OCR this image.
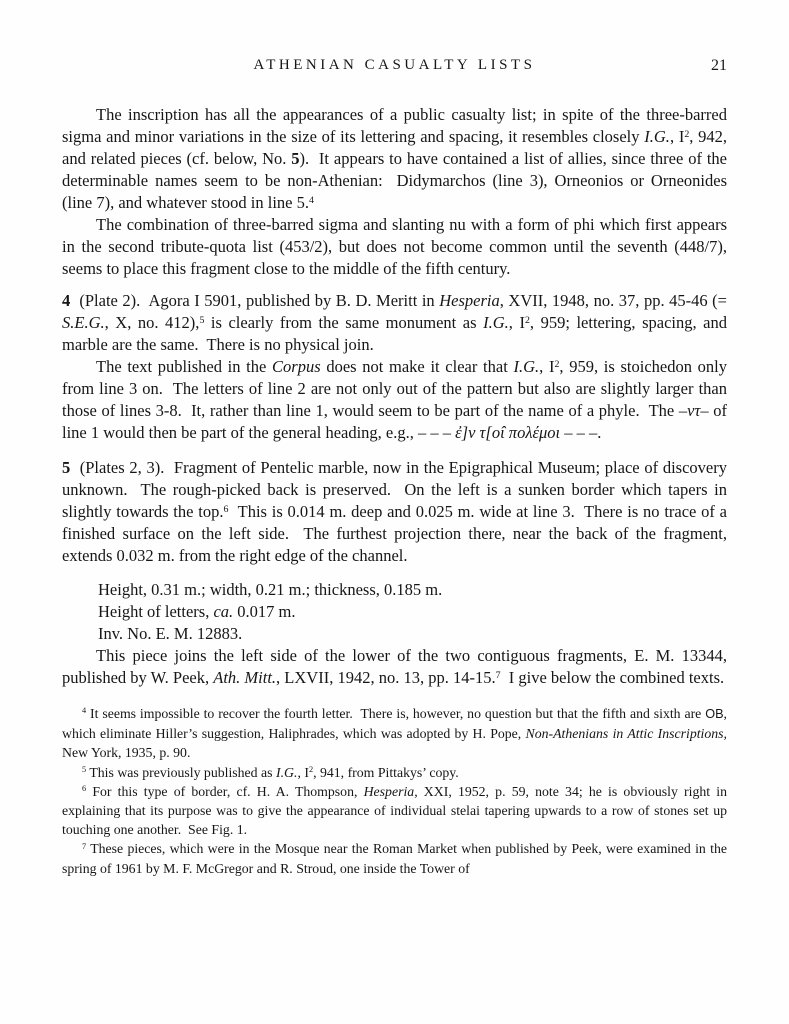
ATHENIAN CASUALTY LISTS	21

The inscription has all the appearances of a public casualty list; in spite of the three-barred sigma and minor variations in the size of its lettering and spacing, it resembles closely I.G., $I^2$, 942, and related pieces (cf. below, No. 5).  It appears to have contained a list of allies, since three of the determinable names seem to be non-Athenian:  Didymarchos (line 3), Orneonios or Orneonides (line 7), and whatever stood in line 5.$^4$

The combination of three-barred sigma and slanting nu with a form of phi which first appears in the second tribute-quota list (453/2), but does not become common until the seventh (448/7), seems to place this fragment close to the middle of the fifth century.

4  (Plate 2).  Agora I 5901, published by B. D. Meritt in Hesperia, XVII, 1948, no. 37, pp. 45-46 (= S.E.G., X, no. 412),$^5$ is clearly from the same monument as I.G., $I^2$, 959; lettering, spacing, and marble are the same.  There is no physical join.

The text published in the Corpus does not make it clear that I.G., $I^2$, 959, is stoichedon only from line 3 on.  The letters of line 2 are not only out of the pattern but also are slightly larger than those of lines 3-8.  It, rather than line 1, would seem to be part of the name of a phyle.  The –ντ– of line 1 would then be part of the general heading, e.g., – – – ἐ]ν τ[ο̂ι πολέμοι – – –.

5  (Plates 2, 3).  Fragment of Pentelic marble, now in the Epigraphical Museum; place of discovery unknown.  The rough-picked back is preserved.  On the left is a sunken border which tapers in slightly towards the top.$^6$  This is 0.014 m. deep and 0.025 m. wide at line 3.  There is no trace of a finished surface on the left side.  The furthest projection there, near the back of the fragment, extends 0.032 m. from the right edge of the channel.

Height, 0.31 m.; width, 0.21 m.; thickness, 0.185 m.

Height of letters, ca. 0.017 m.

Inv. No. E. M. 12883.

This piece joins the left side of the lower of the two contiguous fragments, E. M. 13344, published by W. Peek, Ath. Mitt., LXVII, 1942, no. 13, pp. 14-15.$^7$  I give below the combined texts.

$^4$ It seems impossible to recover the fourth letter.  There is, however, no question but that the fifth and sixth are OB, which eliminate Hiller’s suggestion, Haliphrades, which was adopted by H. Pope, Non-Athenians in Attic Inscriptions, New York, 1935, p. 90.

$^5$ This was previously published as I.G., $I^2$, 941, from Pittakys’ copy.

$^6$ For this type of border, cf. H. A. Thompson, Hesperia, XXI, 1952, p. 59, note 34; he is obviously right in explaining that its purpose was to give the appearance of individual stelai tapering upwards to a row of stones set up touching one another.  See Fig. 1.

$^7$ These pieces, which were in the Mosque near the Roman Market when published by Peek, were examined in the spring of 1961 by M. F. McGregor and R. Stroud, one inside the Tower of
